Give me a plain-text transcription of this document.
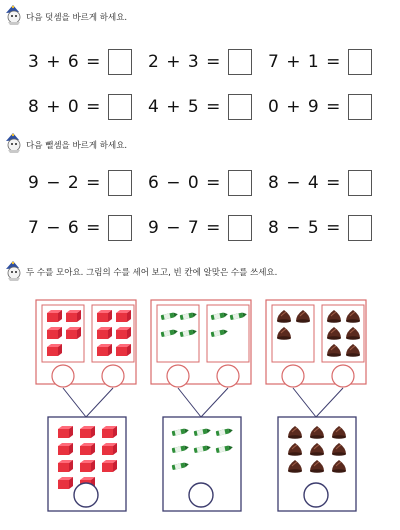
다음 덧셈을 바르게 하세요.
3 + 6 =	2 + 3 =	7 + 1 =
8 + 0 =	4 + 5 =	0 + 9 =
다음 뺄셈을 바르게 하세요.
9 − 2 =	6 − 0 =	8 − 4 =
7 − 6 =	9 − 7 =	8 − 5 =
두 수를 모아요. 그림의 수를 세어 보고, 빈 칸에 알맞은 수를 쓰세요.
